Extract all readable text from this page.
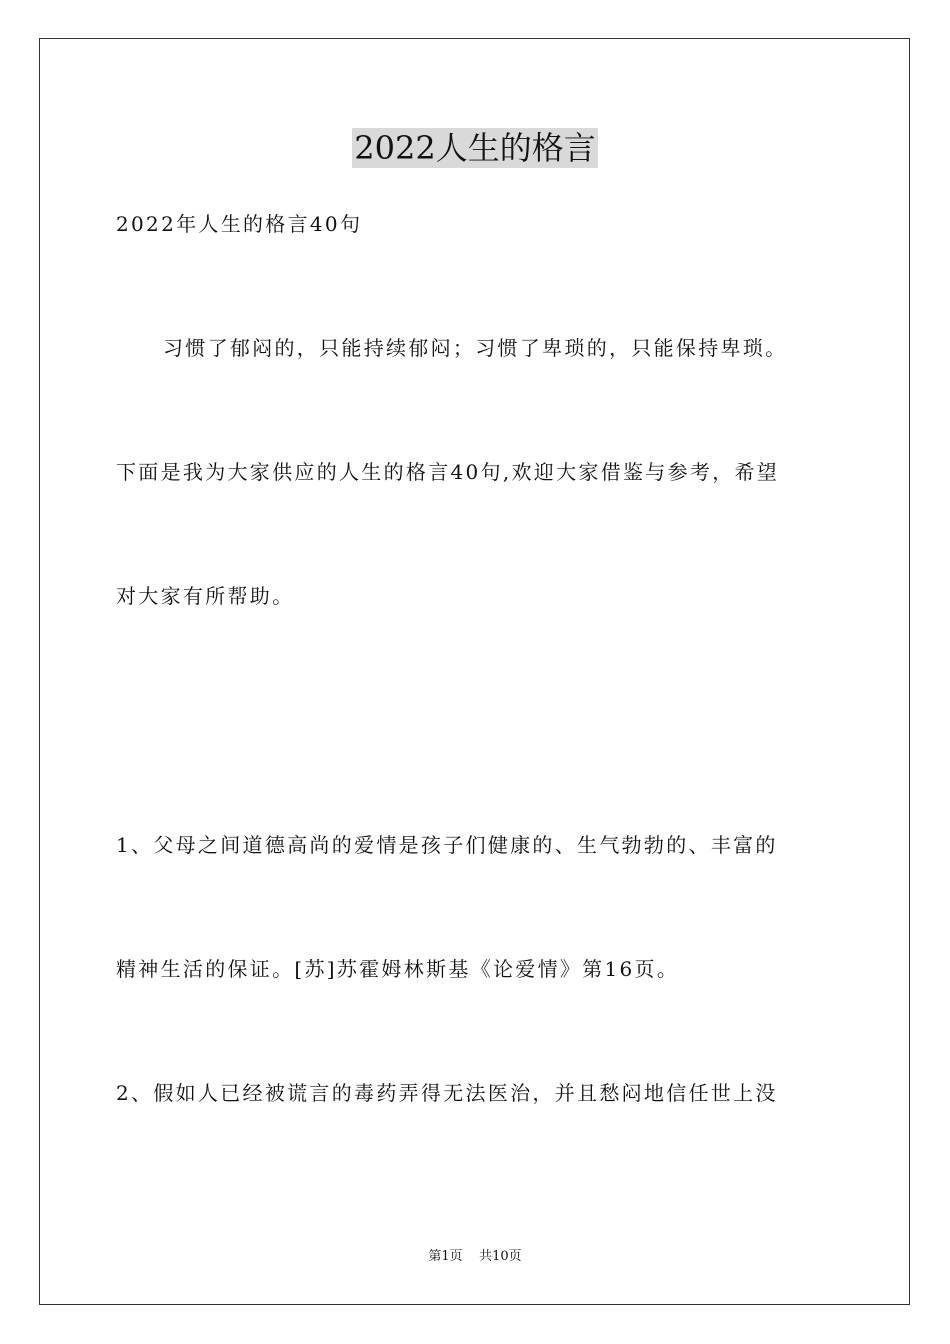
2022人生的格言
2022年人生的格言40句
习惯了郁闷的，只能持续郁闷；习惯了卑琐的，只能保持卑琐。
下面是我为大家供应的人生的格言40句,欢迎大家借鉴与参考，希望
对大家有所帮助。
1、父母之间道德高尚的爱情是孩子们健康的、生气勃勃的、丰富的
精神生活的保证。[苏]苏霍姆林斯基《论爱情》第16页。
2、假如人已经被谎言的毒药弄得无法医治，并且愁闷地信任世上没
第1页    共10页
